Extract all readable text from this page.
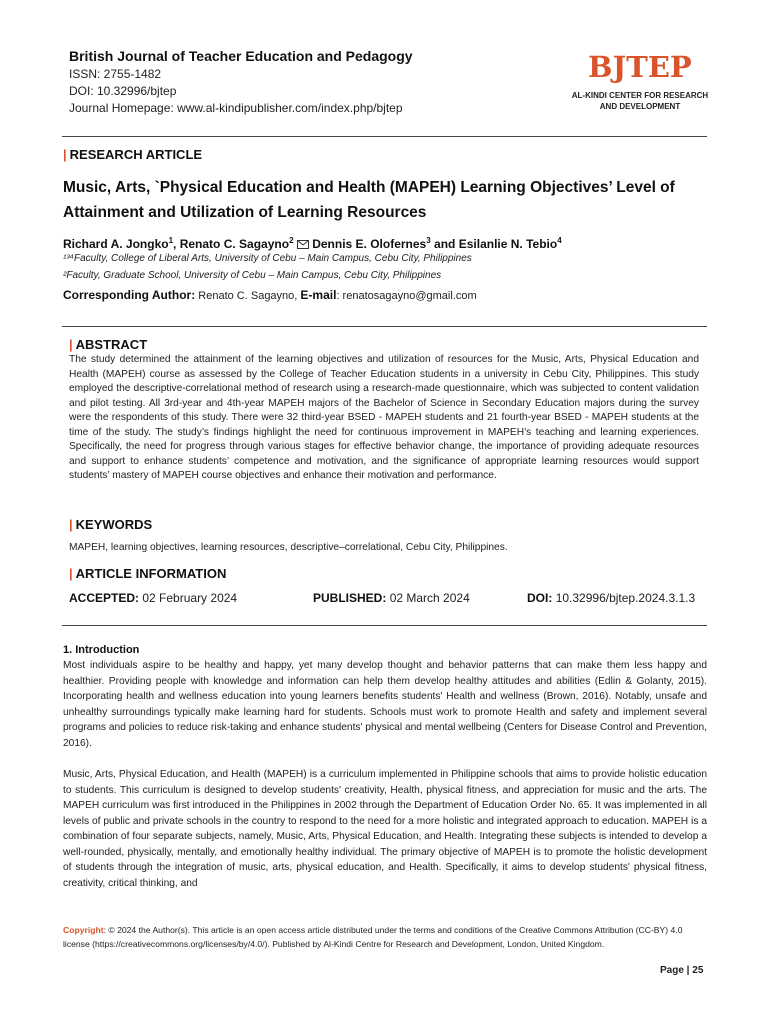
British Journal of Teacher Education and Pedagogy
ISSN: 2755-1482
DOI: 10.32996/bjtep
Journal Homepage: www.al-kindipublisher.com/index.php/bjtep
BJTEP
AL-KINDI CENTER FOR RESEARCH
AND DEVELOPMENT
| RESEARCH ARTICLE
Music, Arts, `Physical Education and Health (MAPEH) Learning Objectives’ Level of
Attainment and Utilization of Learning Resources
Richard A. Jongko$^1$, Renato C. Sagayno$^2$ Dennis E. Olofernes$^3$ and Esilanlie N. Tebio$^4$
¹³⁴Faculty, College of Liberal Arts, University of Cebu – Main Campus, Cebu City, Philippines
²Faculty, Graduate School, University of Cebu – Main Campus, Cebu City, Philippines
Corresponding Author: Renato C. Sagayno, E-mail: renatosagayno@gmail.com
| ABSTRACT
The study determined the attainment of the learning objectives and utilization of resources for the Music, Arts, Physical Education and Health (MAPEH) course as assessed by the College of Teacher Education students in a university in Cebu City, Philippines. This study employed the descriptive-correlational method of research using a research-made questionnaire, which was subjected to content validation and pilot testing. All 3rd-year and 4th-year MAPEH majors of the Bachelor of Science in Secondary Education majors during the survey were the respondents of this study. There were 32 third-year BSED - MAPEH students and 21 fourth-year BSED - MAPEH students at the time of the study. The study’s findings highlight the need for continuous improvement in MAPEH’s teaching and learning experiences. Specifically, the need for progress through various stages for effective behavior change, the importance of providing adequate resources and support to enhance students’ competence and motivation, and the significance of appropriate learning resources would support students’ mastery of MAPEH course objectives and enhance their motivation and performance.
| KEYWORDS
MAPEH, learning objectives, learning resources, descriptive–correlational, Cebu City, Philippines.
| ARTICLE INFORMATION
ACCEPTED: 02 February 2024	PUBLISHED: 02 March 2024	DOI: 10.32996/bjtep.2024.3.1.3
1. Introduction
Most individuals aspire to be healthy and happy, yet many develop thought and behavior patterns that can make them less happy and healthier. Providing people with knowledge and information can help them develop healthy attitudes and abilities (Edlin & Golanty, 2015). Incorporating health and wellness education into young learners benefits students' Health and wellness (Brown, 2016). Notably, unsafe and unhealthy surroundings typically make learning hard for students. Schools must work to promote Health and safety and implement several programs and policies to reduce risk-taking and enhance students' physical and mental wellbeing (Centers for Disease Control and Prevention, 2016).
Music, Arts, Physical Education, and Health (MAPEH) is a curriculum implemented in Philippine schools that aims to provide holistic education to students. This curriculum is designed to develop students' creativity, Health, physical fitness, and appreciation for music and the arts. The MAPEH curriculum was first introduced in the Philippines in 2002 through the Department of Education Order No. 65. It was implemented in all levels of public and private schools in the country to respond to the need for a more holistic and integrated approach to education. MAPEH is a combination of four separate subjects, namely, Music, Arts, Physical Education, and Health. Integrating these subjects is intended to develop a well-rounded, physically, mentally, and emotionally healthy individual. The primary objective of MAPEH is to promote the holistic development of students through the integration of music, arts, physical education, and Health. Specifically, it aims to develop students' physical fitness, creativity, critical thinking, and
Copyright: © 2024 the Author(s). This article is an open access article distributed under the terms and conditions of the Creative Commons Attribution (CC-BY) 4.0 license (https://creativecommons.org/licenses/by/4.0/). Published by Al-Kindi Centre for Research and Development, London, United Kingdom.
Page | 25
